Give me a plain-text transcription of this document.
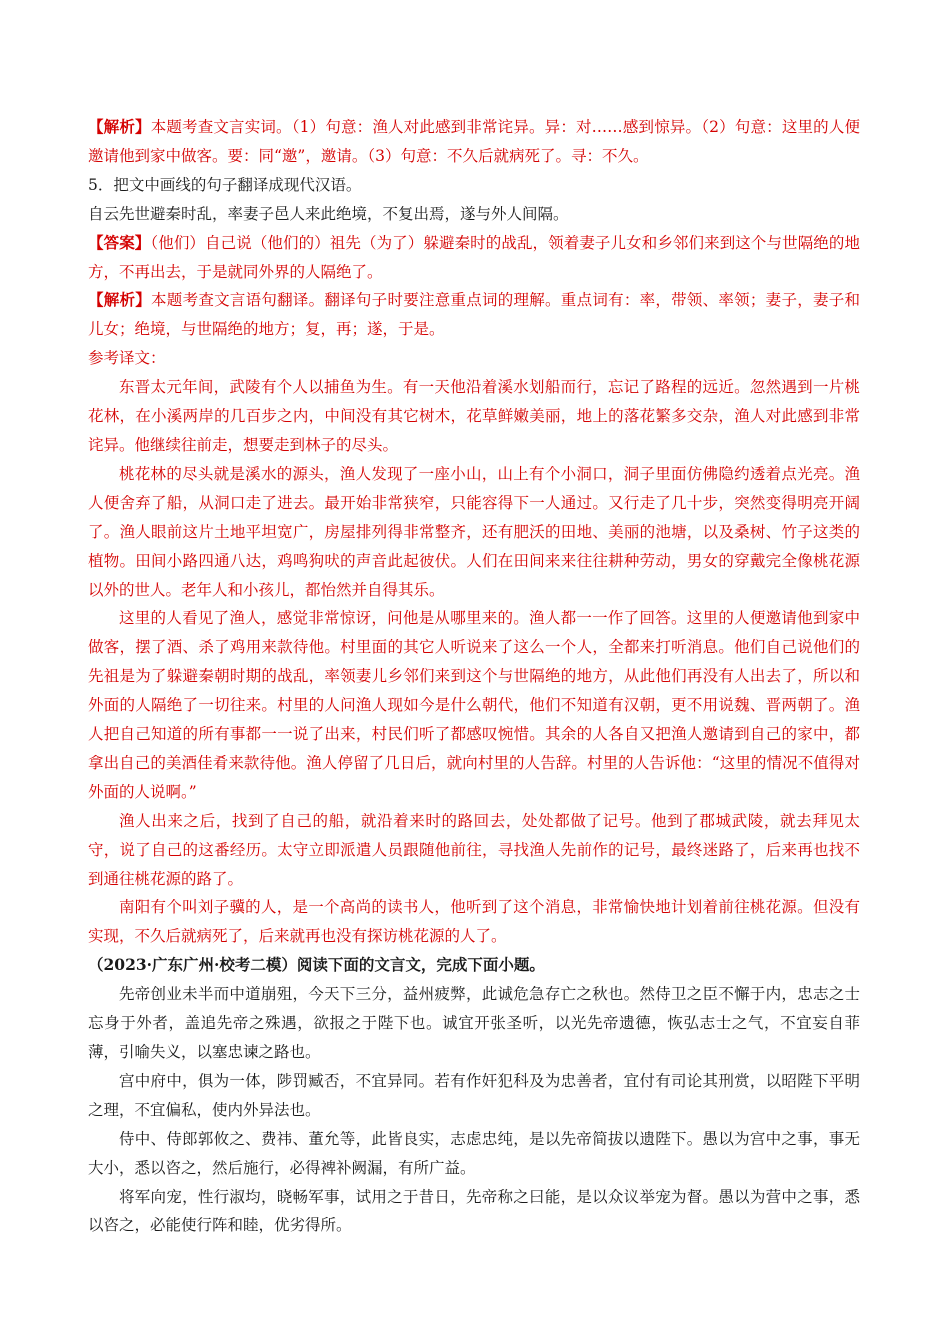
【解析】本题考查文言实词。（1）句意：渔人对此感到非常诧异。异：对……感到惊异。（2）句意：这里的人便邀请他到家中做客。要：同“邀”，邀请。（3）句意：不久后就病死了。寻：不久。

5．把文中画线的句子翻译成现代汉语。

自云先世避秦时乱，率妻子邑人来此绝境，不复出焉，遂与外人间隔。

【答案】（他们）自己说（他们的）祖先（为了）躲避秦时的战乱，领着妻子儿女和乡邻们来到这个与世隔绝的地方，不再出去，于是就同外界的人隔绝了。

【解析】本题考查文言语句翻译。翻译句子时要注意重点词的理解。重点词有：率，带领、率领；妻子，妻子和儿女；绝境，与世隔绝的地方；复，再；遂，于是。

参考译文：

东晋太元年间，武陵有个人以捕鱼为生。有一天他沿着溪水划船而行，忘记了路程的远近。忽然遇到一片桃花林，在小溪两岸的几百步之内，中间没有其它树木，花草鲜嫩美丽，地上的落花繁多交杂，渔人对此感到非常诧异。他继续往前走，想要走到林子的尽头。

桃花林的尽头就是溪水的源头，渔人发现了一座小山，山上有个小洞口，洞子里面仿佛隐约透着点光亮。渔人便舍弃了船，从洞口走了进去。最开始非常狭窄，只能容得下一人通过。又行走了几十步，突然变得明亮开阔了。渔人眼前这片土地平坦宽广，房屋排列得非常整齐，还有肥沃的田地、美丽的池塘，以及桑树、竹子这类的植物。田间小路四通八达，鸡鸣狗吠的声音此起彼伏。人们在田间来来往往耕种劳动，男女的穿戴完全像桃花源以外的世人。老年人和小孩儿，都怡然并自得其乐。

这里的人看见了渔人，感觉非常惊讶，问他是从哪里来的。渔人都一一作了回答。这里的人便邀请他到家中做客，摆了酒、杀了鸡用来款待他。村里面的其它人听说来了这么一个人，全都来打听消息。他们自己说他们的先祖是为了躲避秦朝时期的战乱，率领妻儿乡邻们来到这个与世隔绝的地方，从此他们再没有人出去了，所以和外面的人隔绝了一切往来。村里的人问渔人现如今是什么朝代，他们不知道有汉朝，更不用说魏、晋两朝了。渔人把自己知道的所有事都一一说了出来，村民们听了都感叹惋惜。其余的人各自又把渔人邀请到自己的家中，都拿出自己的美酒佳肴来款待他。渔人停留了几日后，就向村里的人告辞。村里的人告诉他：“这里的情况不值得对外面的人说啊。”

渔人出来之后，找到了自己的船，就沿着来时的路回去，处处都做了记号。他到了郡城武陵，就去拜见太守，说了自己的这番经历。太守立即派遣人员跟随他前往，寻找渔人先前作的记号，最终迷路了，后来再也找不到通往桃花源的路了。

南阳有个叫刘子骥的人，是一个高尚的读书人，他听到了这个消息，非常愉快地计划着前往桃花源。但没有实现，不久后就病死了，后来就再也没有探访桃花源的人了。

（2023·广东广州·校考二模）阅读下面的文言文，完成下面小题。

先帝创业未半而中道崩殂，今天下三分，益州疲弊，此诚危急存亡之秋也。然侍卫之臣不懈于内，忠志之士忘身于外者，盖追先帝之殊遇，欲报之于陛下也。诚宜开张圣听，以光先帝遗德，恢弘志士之气，不宜妄自菲薄，引喻失义，以塞忠谏之路也。

宫中府中，俱为一体，陟罚臧否，不宜异同。若有作奸犯科及为忠善者，宜付有司论其刑赏，以昭陛下平明之理，不宜偏私，使内外异法也。

侍中、侍郎郭攸之、费祎、董允等，此皆良实，志虑忠纯，是以先帝简拔以遗陛下。愚以为宫中之事，事无大小，悉以咨之，然后施行，必得裨补阙漏，有所广益。

将军向宠，性行淑均，晓畅军事，试用之于昔日，先帝称之曰能，是以众议举宠为督。愚以为营中之事，悉以咨之，必能使行阵和睦，优劣得所。
